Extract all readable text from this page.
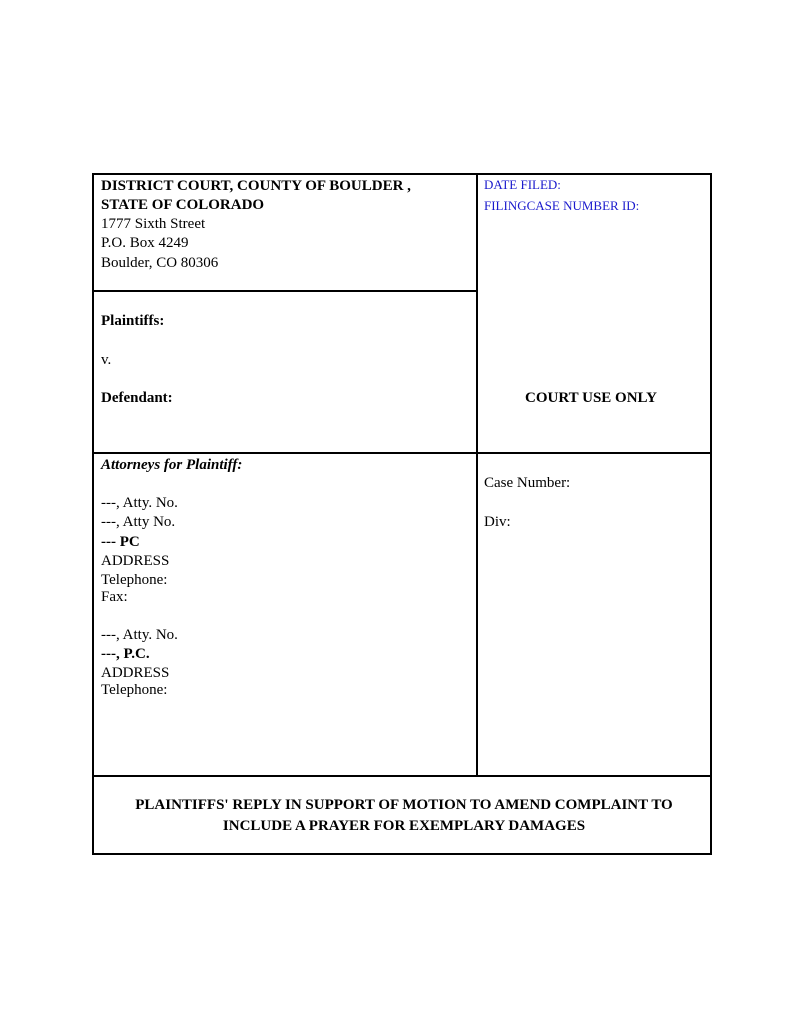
DISTRICT COURT, COUNTY OF BOULDER ,
STATE OF COLORADO
1777 Sixth Street
P.O. Box 4249
Boulder, CO 80306
DATE FILED:
FILINGCASE NUMBER ID:
Plaintiffs:
v.
Defendant:	COURT USE ONLY
Attorneys for Plaintiff:
---, Atty. No.
---, Atty No.
--- PC
ADDRESS
Telephone:
Fax:
---, Atty. No.
---, P.C.
ADDRESS
Telephone:
Case Number:
Div:
PLAINTIFFS' REPLY IN SUPPORT OF MOTION TO AMEND COMPLAINT TO
INCLUDE A PRAYER FOR EXEMPLARY DAMAGES
